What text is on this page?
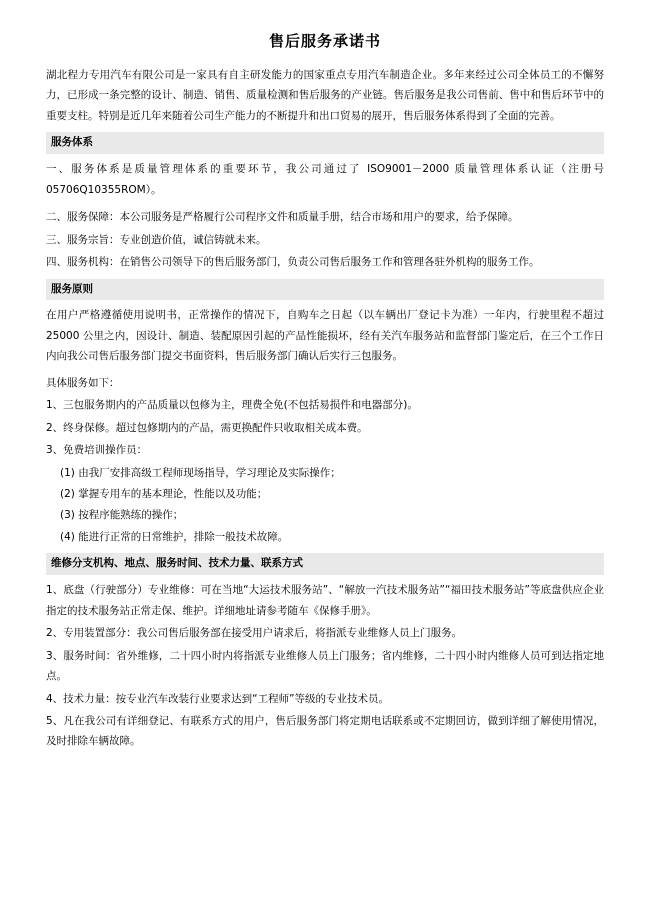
售后服务承诺书

湖北程力专用汽车有限公司是一家具有自主研发能力的国家重点专用汽车制造企业。多年来经过公司全体员工的不懈努力，已形成一条完整的设计、制造、销售、质量检测和售后服务的产业链。售后服务是我公司售前、售中和售后环节中的重要支柱。特别是近几年来随着公司生产能力的不断提升和出口贸易的展开，售后服务体系得到了全面的完善。

服务体系

一、服务体系是质量管理体系的重要环节，我公司通过了 ISO9001－2000 质量管理体系认证（注册号 05706Q10355ROM）。

二、服务保障：本公司服务是严格履行公司程序文件和质量手册，结合市场和用户的要求，给予保障。

三、服务宗旨：专业创造价值，诚信铸就未来。

四、服务机构：在销售公司领导下的售后服务部门，负责公司售后服务工作和管理各驻外机构的服务工作。

服务原则

在用户严格遵循使用说明书，正常操作的情况下，自购车之日起（以车辆出厂登记卡为准）一年内，行驶里程不超过 25000 公里之内，因设计、制造、装配原因引起的产品性能损坏，经有关汽车服务站和监督部门鉴定后，在三个工作日内向我公司售后服务部门提交书面资料，售后服务部门确认后实行三包服务。

具体服务如下：

1、三包服务期内的产品质量以包修为主，理费全免(不包括易损件和电器部分)。

2、终身保修。超过包修期内的产品，需更换配件只收取相关成本费。

3、免费培训操作员：

(1) 由我厂安排高级工程师现场指导，学习理论及实际操作；

(2) 掌握专用车的基本理论，性能以及功能；

(3) 按程序能熟练的操作；

(4) 能进行正常的日常维护，排除一般技术故障。

维修分支机构、地点、服务时间、技术力量、联系方式

1、底盘（行驶部分）专业维修：可在当地“大运技术服务站”、“解放一汽技术服务站”“福田技术服务站”等底盘供应企业指定的技术服务站正常走保、维护。详细地址请参考随车《保修手册》。

2、专用装置部分：我公司售后服务部在接受用户请求后，将指派专业维修人员上门服务。

3、服务时间：省外维修，二十四小时内将指派专业维修人员上门服务；省内维修，二十四小时内维修人员可到达指定地点。

4、技术力量：按专业汽车改装行业要求达到“工程师”等级的专业技术员。

5、凡在我公司有详细登记、有联系方式的用户，售后服务部门将定期电话联系或不定期回访，做到详细了解使用情况，及时排除车辆故障。
